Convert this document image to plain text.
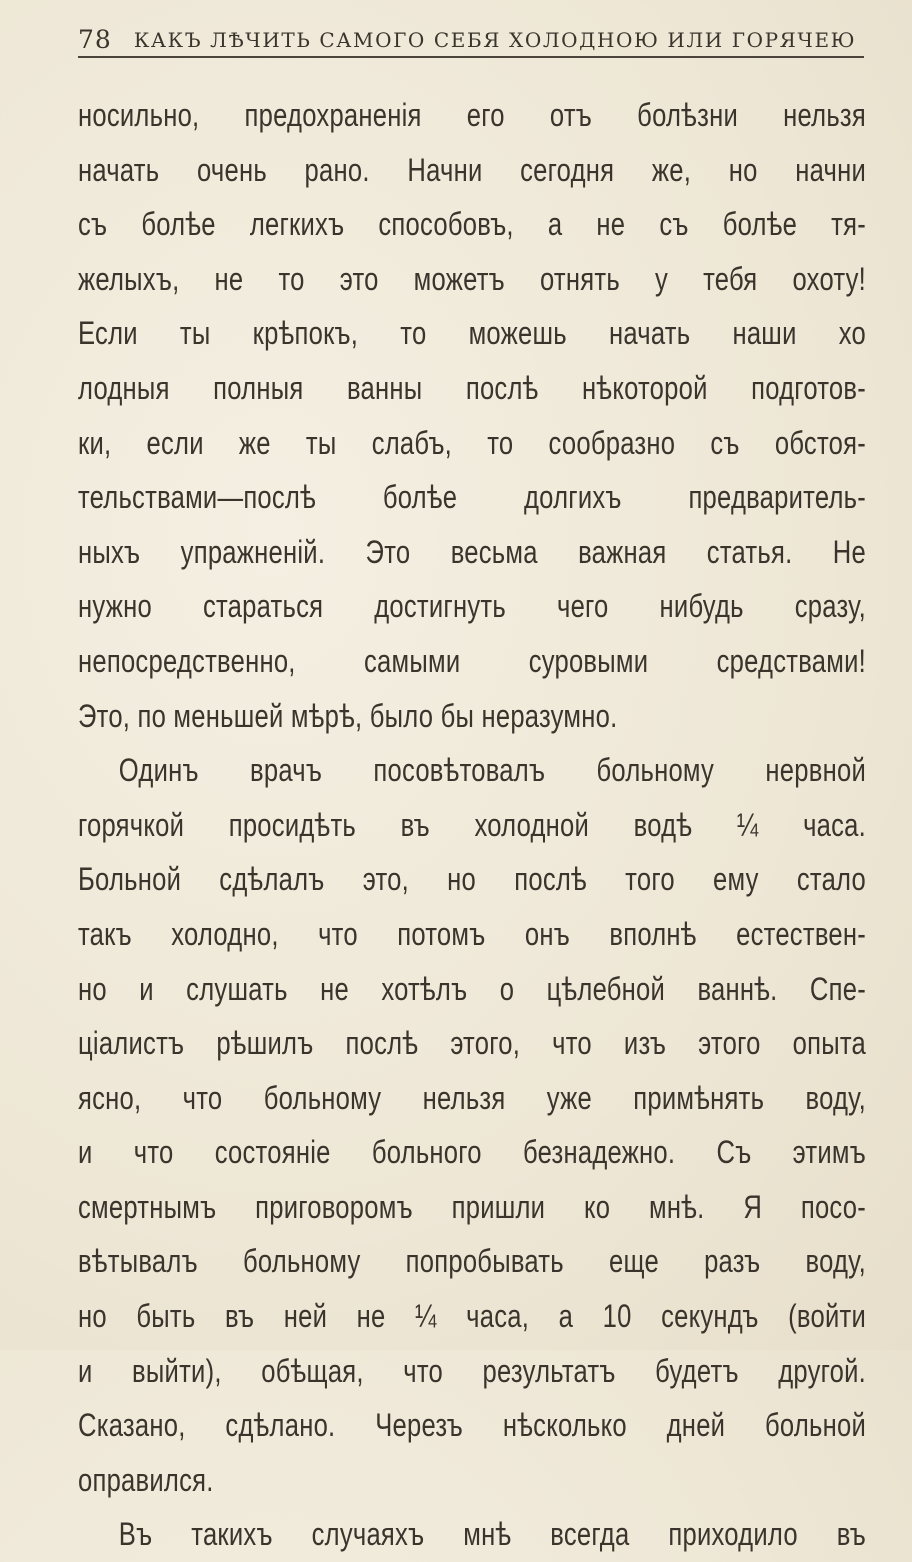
78 КАКЪ ЛѢЧИТЬ САМОГО СЕБЯ ХОЛОДНОЮ ИЛИ ГОРЯЧЕЮ
носильно, предохраненія его отъ болѣзни нельзя
начать очень рано. Начни сегодня же, но начни
съ болѣе легкихъ способовъ, а не съ болѣе тя-
желыхъ, не то это можетъ отнять у тебя охоту!
Если ты крѣпокъ, то можешь начать наши хо
лодныя полныя ванны послѣ нѣкоторой подготов-
ки, если же ты слабъ, то сообразно съ обстоя-
тельствами—послѣ болѣе долгихъ предваритель-
ныхъ упражненій. Это весьма важная статья. Не
нужно стараться достигнуть чего нибудь сразу,
непосредственно, самыми суровыми средствами!
Это, по меньшей мѣрѣ, было бы неразумно.
Одинъ врачъ посовѣтовалъ больному нервной
горячкой просидѣть въ холодной водѣ ¼ часа.
Больной сдѣлалъ это, но послѣ того ему стало
такъ холодно, что потомъ онъ вполнѣ естествен-
но и слушать не хотѣлъ о цѣлебной ваннѣ. Спе-
ціалистъ рѣшилъ послѣ этого, что изъ этого опыта
ясно, что больному нельзя уже примѣнять воду,
и что состояніе больного безнадежно. Съ этимъ
смертнымъ приговоромъ пришли ко мнѣ. Я посо-
вѣтывалъ больному попробывать еще разъ воду,
но быть въ ней не ¼ часа, а 10 секундъ (войти
и выйти), обѣщая, что результатъ будетъ другой.
Сказано, сдѣлано. Черезъ нѣсколько дней больной
оправился.
Въ такихъ случаяхъ мнѣ всегда приходило въ
